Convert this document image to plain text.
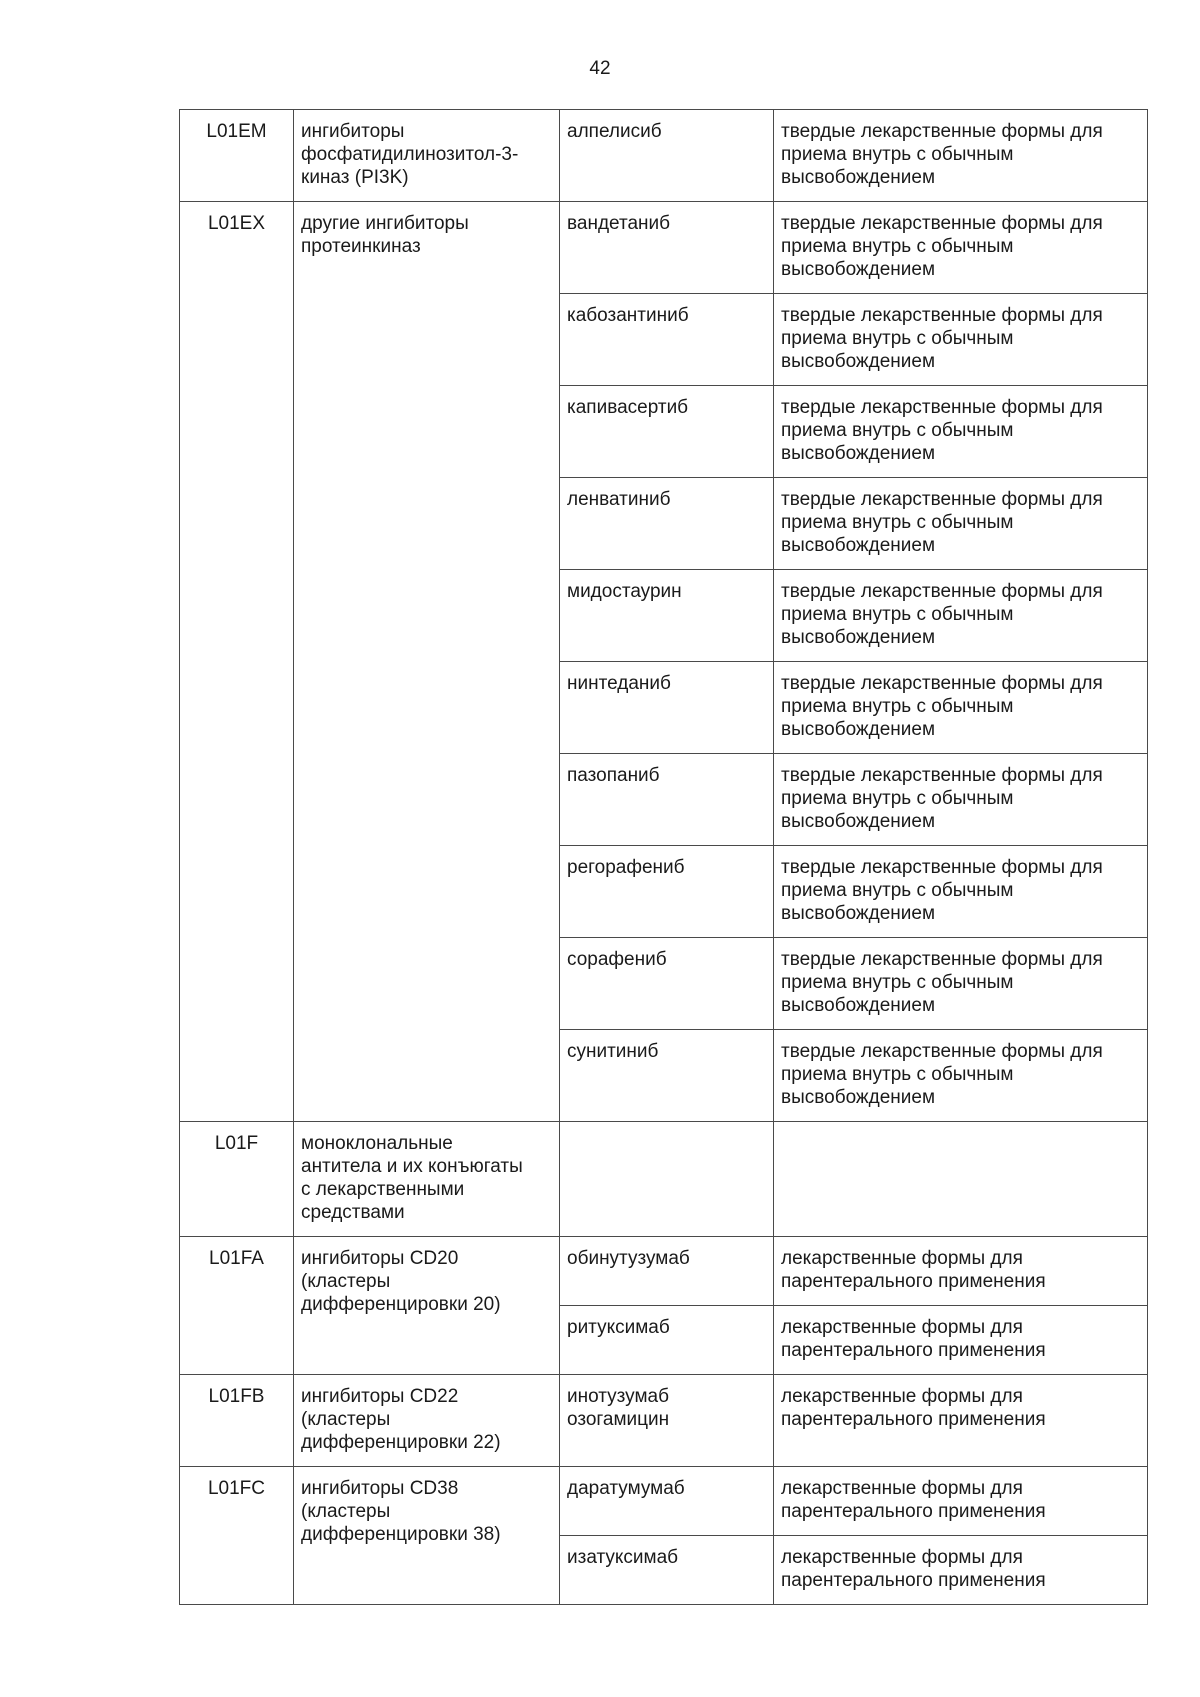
42
L01EM	ингибиторы
фосфатидилинозитол-3-
киназ (PI3K)	алпелисиб	твердые лекарственные формы для
приема внутрь с обычным
высвобождением
L01EX	другие ингибиторы
протеинкиназ	вандетаниб	твердые лекарственные формы для
приема внутрь с обычным
высвобождением
		кабозантиниб	твердые лекарственные формы для
приема внутрь с обычным
высвобождением
		капивасертиб	твердые лекарственные формы для
приема внутрь с обычным
высвобождением
		ленватиниб	твердые лекарственные формы для
приема внутрь с обычным
высвобождением
		мидостаурин	твердые лекарственные формы для
приема внутрь с обычным
высвобождением
		нинтеданиб	твердые лекарственные формы для
приема внутрь с обычным
высвобождением
		пазопаниб	твердые лекарственные формы для
приема внутрь с обычным
высвобождением
		регорафениб	твердые лекарственные формы для
приема внутрь с обычным
высвобождением
		сорафениб	твердые лекарственные формы для
приема внутрь с обычным
высвобождением
		сунитиниб	твердые лекарственные формы для
приема внутрь с обычным
высвобождением
L01F	моноклональные
антитела и их конъюгаты
с лекарственными
средствами		
L01FA	ингибиторы CD20
(кластеры
дифференцировки 20)	обинутузумаб	лекарственные формы для
парентерального применения
		ритуксимаб	лекарственные формы для
парентерального применения
L01FB	ингибиторы CD22
(кластеры
дифференцировки 22)	инотузумаб
озогамицин	лекарственные формы для
парентерального применения
L01FC	ингибиторы CD38
(кластеры
дифференцировки 38)	даратумумаб	лекарственные формы для
парентерального применения
		изатуксимаб	лекарственные формы для
парентерального применения
